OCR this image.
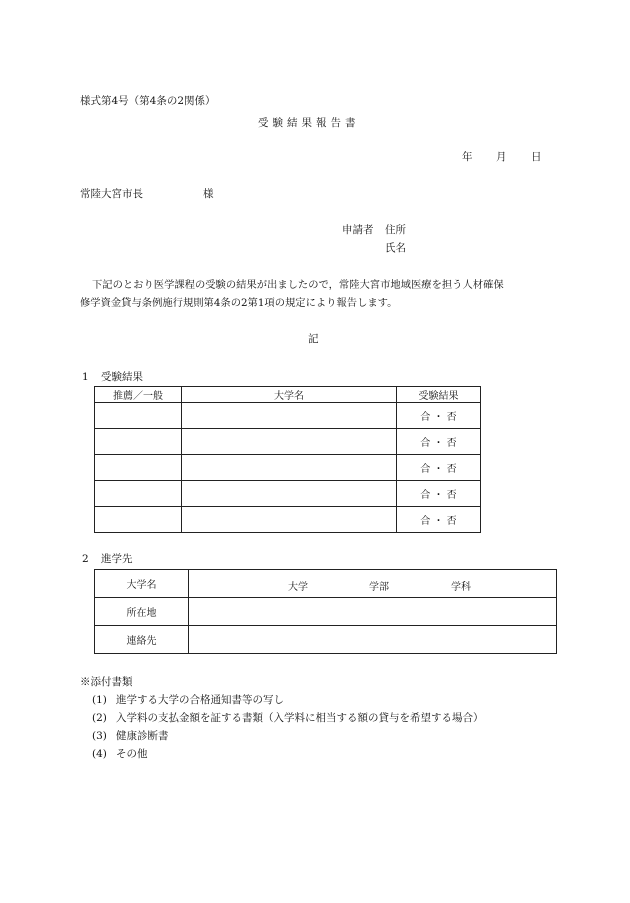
様式第4号（第4条の2関係）
受験結果報告書
年 月 日
常陸大宮市長	様
申請者 住所
氏名
下記のとおり医学課程の受験の結果が出ましたので，常陸大宮市地域医療を担う人材確保
修学資金貸与条例施行規則第4条の2第1項の規定により報告します。
記
1 受験結果
推薦／一般	大学名	受験結果
		合 ・ 否
		合 ・ 否
		合 ・ 否
		合 ・ 否
		合 ・ 否
2 進学先
大学名	大学 学部 学科

所在地	
連絡先	
※添付書類
(1) 進学する大学の合格通知書等の写し
(2) 入学料の支払金額を証する書類（入学料に相当する額の貸与を希望する場合）
(3) 健康診断書
(4) その他
